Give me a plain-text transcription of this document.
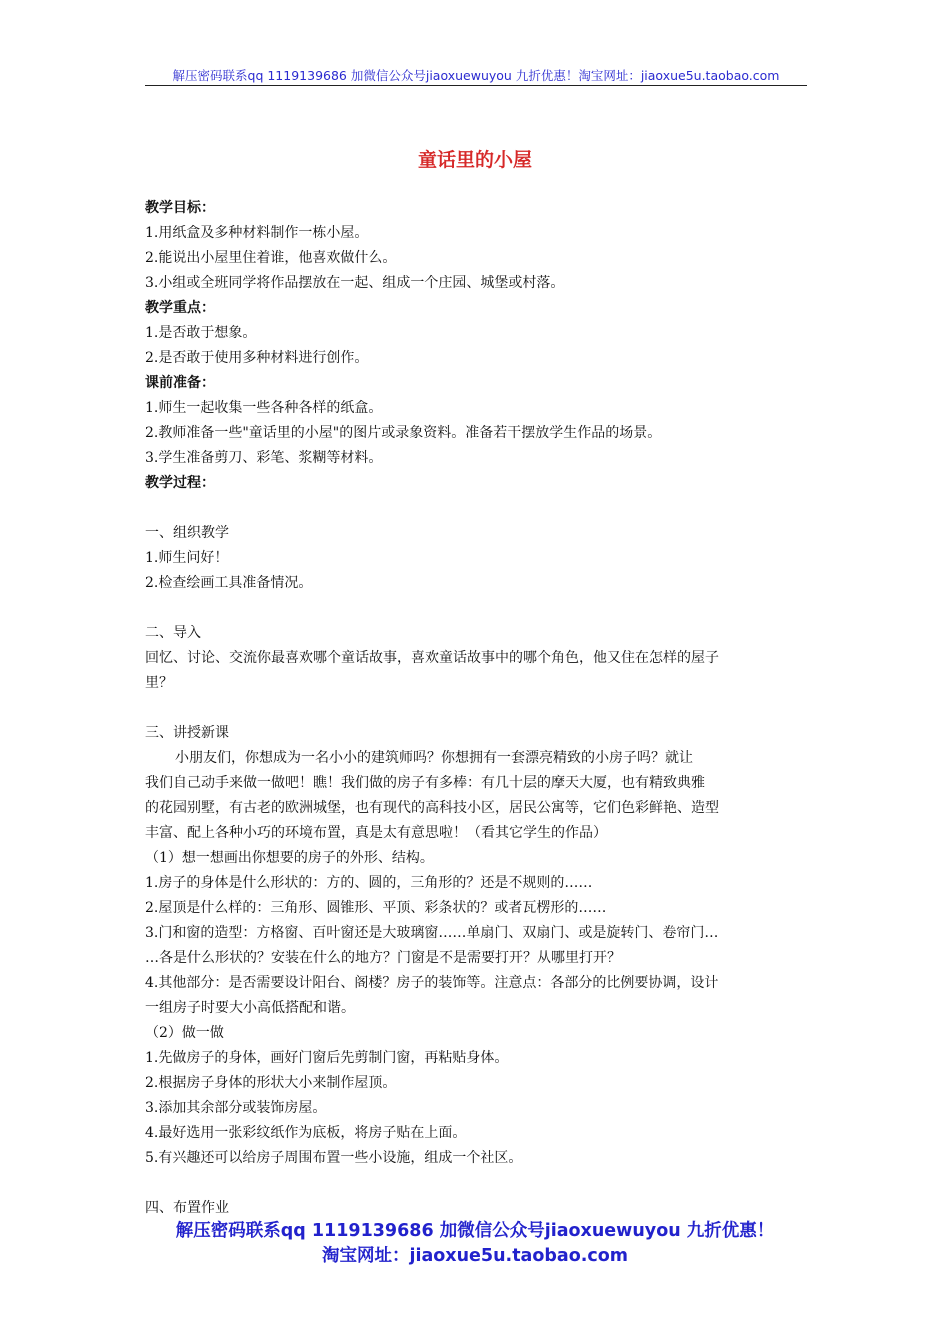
解压密码联系qq 1119139686 加微信公众号jiaoxuewuyou 九折优惠！淘宝网址：jiaoxue5u.taobao.com
童话里的小屋
教学目标：
1.用纸盒及多种材料制作一栋小屋。
2.能说出小屋里住着谁，他喜欢做什么。
3.小组或全班同学将作品摆放在一起、组成一个庄园、城堡或村落。
教学重点：
1.是否敢于想象。
2.是否敢于使用多种材料进行创作。
课前准备：
1.师生一起收集一些各种各样的纸盒。
2.教师准备一些"童话里的小屋"的图片或录象资料。准备若干摆放学生作品的场景。
3.学生准备剪刀、彩笔、浆糊等材料。
教学过程：
一、组织教学
1.师生问好！
2.检查绘画工具准备情况。
二、导入
回忆、讨论、交流你最喜欢哪个童话故事，喜欢童话故事中的哪个角色，他又住在怎样的屋子
里？
三、讲授新课
小朋友们，你想成为一名小小的建筑师吗？你想拥有一套漂亮精致的小房子吗？就让
我们自己动手来做一做吧！瞧！我们做的房子有多棒：有几十层的摩天大厦，也有精致典雅
的花园别墅，有古老的欧洲城堡，也有现代的高科技小区，居民公寓等，它们色彩鲜艳、造型
丰富、配上各种小巧的环境布置，真是太有意思啦！（看其它学生的作品）
（1）想一想画出你想要的房子的外形、结构。
1.房子的身体是什么形状的：方的、圆的，三角形的？还是不规则的……
2.屋顶是什么样的：三角形、圆锥形、平顶、彩条状的？或者瓦楞形的……
3.门和窗的造型：方格窗、百叶窗还是大玻璃窗……单扇门、双扇门、或是旋转门、卷帘门…
…各是什么形状的？安装在什么的地方？门窗是不是需要打开？从哪里打开？
4.其他部分：是否需要设计阳台、阁楼？房子的装饰等。注意点：各部分的比例要协调，设计
一组房子时要大小高低搭配和谐。
（2）做一做
1.先做房子的身体，画好门窗后先剪制门窗，再粘贴身体。
2.根据房子身体的形状大小来制作屋顶。
3.添加其余部分或装饰房屋。
4.最好选用一张彩纹纸作为底板，将房子贴在上面。
5.有兴趣还可以给房子周围布置一些小设施，组成一个社区。
四、布置作业
解压密码联系qq 1119139686 加微信公众号jiaoxuewuyou 九折优惠！
淘宝网址：jiaoxue5u.taobao.com
